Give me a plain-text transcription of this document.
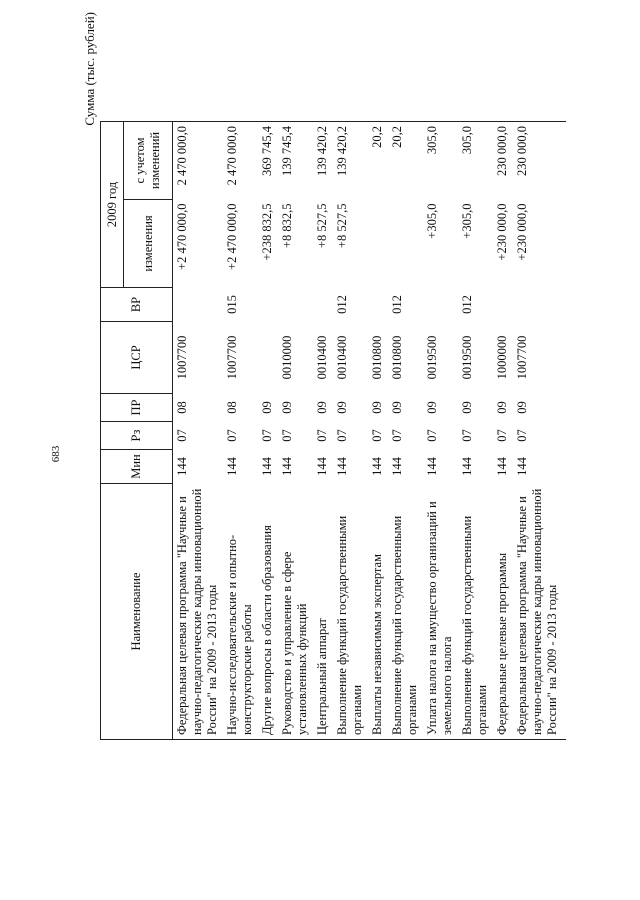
683
Сумма (тыс. рублей)
Наименование	Мин	Рз	ПР	ЦСР	ВР	2009 год	
						изменения	с учетом изменений
Федеральная целевая программа "Научные и научно-педагогические кадры инновационной России" на 2009 - 2013 годы	144	07	08	1007700		+2 470 000,0	2 470 000,0
Научно-исследовательские и опытно-конструкторские работы	144	07	08	1007700	015	+2 470 000,0	2 470 000,0
Другие вопросы в области образования	144	07	09			+238 832,5	369 745,4
Руководство и управление в сфере установленных функций	144	07	09	0010000		+8 832,5	139 745,4
Центральный аппарат	144	07	09	0010400		+8 527,5	139 420,2
Выполнение функций государственными органами	144	07	09	0010400	012	+8 527,5	139 420,2
Выплаты независимым экспертам	144	07	09	0010800			20,2
Выполнение функций государственными органами	144	07	09	0010800	012		20,2
Уплата налога на имущество организаций и земельного налога	144	07	09	0019500		+305,0	305,0
Выполнение функций государственными органами	144	07	09	0019500	012	+305,0	305,0
Федеральные целевые программы	144	07	09	1000000		+230 000,0	230 000,0
Федеральная целевая программа "Научные и научно-педагогические кадры инновационной России" на 2009 - 2013 годы	144	07	09	1007700		+230 000,0	230 000,0
